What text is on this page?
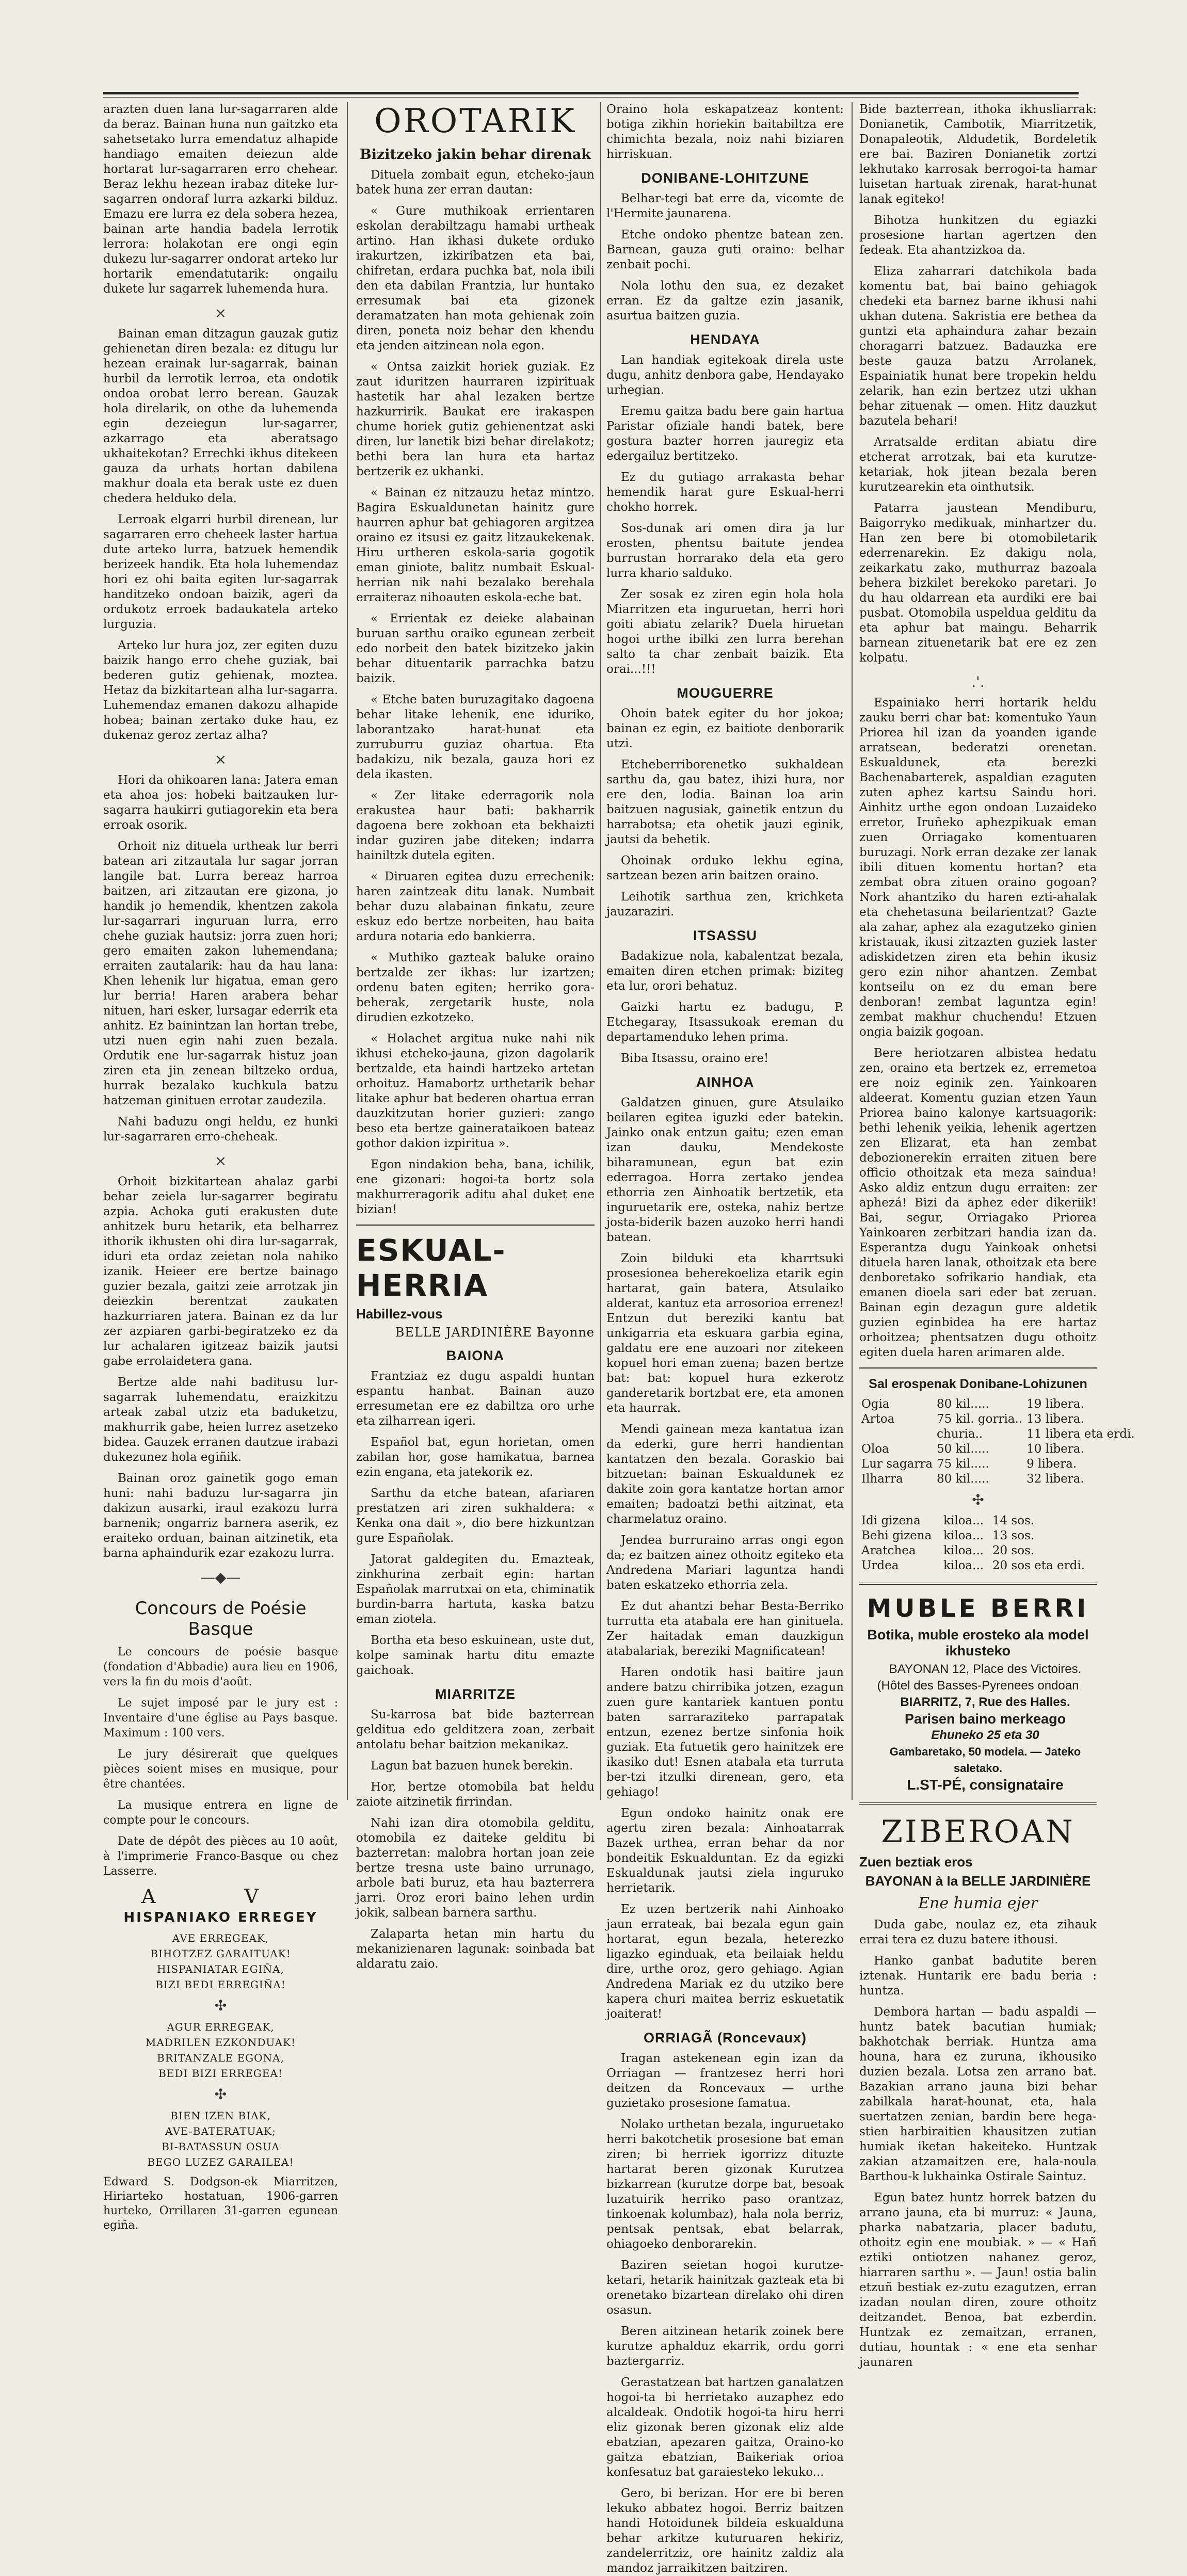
arazten duen lana lur-sagarraren alde da beraz. Bainan huna nun gaitzko eta sahetsetako lurra emendatuz alhapide handiago emaiten deiezun alde hortarat lur-sagarraren erro chehear. Beraz lekhu hezean irabaz diteke lur-sagarren ondoraf lurra azkarki bilduz. Emazu ere lurra ez dela sobera hezea, bainan arte handia badela lerrotik lerrora: holakotan ere ongi egin dukezu lur-sagarrer ondorat arteko lur hortarik emendatutarik: ongailu dukete lur sagarrek luhemenda hura.

×

Bainan eman ditzagun gauzak gutiz gehienetan diren bezala: ez ditugu lur hezean erainak lur-sagarrak, bainan hurbil da lerrotik lerroa, eta ondotik ondoa orobat lerro berean. Gauzak hola direlarik, on othe da luhemenda egin dezeiegun lur-sagarrer, azkarrago eta aberatsago ukhaitekotan? Errechki ikhus ditekeen gauza da urhats hortan dabilena makhur doala eta berak uste ez duen chedera helduko dela.

Lerroak elgarri hurbil direnean, lur sagarraren erro cheheek laster hartua dute arteko lurra, batzuek hemendik berizeek handik. Eta hola luhemendaz hori ez ohi baita egiten lur-sagarrak handitzeko ondoan baizik, ageri da ordukotz erroek badaukatela arteko lurguzia.

Arteko lur hura joz, zer egiten duzu baizik hango erro chehe guziak, bai bederen gutiz gehienak, moztea. Hetaz da bizkitartean alha lur-sagarra. Luhemendaz emanen dakozu alhapide hobea; bainan zertako duke hau, ez dukenaz geroz zertaz alha?

×

Hori da ohikoaren lana: Jatera eman eta ahoa jos: hobeki baitzauken lur-sagarra haukirri gutiagorekin eta bera erroak osorik.

Orhoit niz dituela urtheak lur berri batean ari zitzautala lur sagar jorran langile bat. Lurra bereaz harroa baitzen, ari zitzautan ere gizona, jo handik jo hemendik, khentzen zakola lur-sagarrari inguruan lurra, erro chehe guziak hautsiz: jorra zuen hori; gero emaiten zakon luhemendana; erraiten zautalarik: hau da hau lana: Khen lehenik lur higatua, eman gero lur berria! Haren arabera behar nituen, hari esker, lursagar ederrik eta anhitz. Ez bainintzan lan hortan trebe, utzi nuen egin nahi zuen bezala. Ordutik ene lur-sagarrak histuz joan ziren eta jin zenean biltzeko ordua, hurrak bezalako kuchkula batzu hatzeman ginituen errotar zaudezila.

Nahi baduzu ongi heldu, ez hunki lur-sagarraren erro-cheheak.

×

Orhoit bizkitartean ahalaz garbi behar zeiela lur-sagarrer begiratu azpia. Achoka guti erakusten dute anhitzek buru hetarik, eta belharrez ithorik ikhusten ohi dira lur-sagarrak, iduri eta ordaz zeietan nola nahiko izanik. Heieer ere bertze bainago guzier bezala, gaitzi zeie arrotzak jin deiezkin berentzat zaukaten hazkurriaren jatera. Bainan ez da lur zer azpiaren garbi-begiratzeko ez da lur achalaren igitzeaz baizik jautsi gabe errolaidetera gana.

Bertze alde nahi baditusu lur-sagarrak luhemendatu, eraizkitzu arteak zabal utziz eta baduketzu, makhurrik gabe, heien lurrez asetzeko bidea. Gauzek erranen dautzue irabazi dukezunez hola egiñik.

Bainan oroz gainetik gogo eman huni: nahi baduzu lur-sagarra jin dakizun ausarki, iraul ezakozu lurra barnenik; ongarriz barnera aserik, ez eraiteko orduan, bainan aitzinetik, eta barna aphaindurik ezar ezakozu lurra.

—◆—
Concours de Poésie Basque

Le concours de poésie basque (fondation d'Abbadie) aura lieu en 1906, vers la fin du mois d'août.

Le sujet imposé par le jury est : Inventaire d'une église au Pays basque. Maximum : 100 vers.

Le jury désirerait que quelques pièces soient mises en musique, pour être chantées.

La musique entrera en ligne de compte pour le concours.

Date de dépôt des pièces au 10 août, à l'imprimerie Franco-Basque ou chez Lasserre.

A V
HISPANIAKO ERREGEY

AVE ERREGEAK,

BIHOTZEZ GARAITUAK!

HISPANIATAR EGIÑA,

BIZI BEDI ERREGIÑA!

✣

AGUR ERREGEAK,

MADRILEN EZKONDUAK!

BRITANZALE EGONA,

BEDI BIZI ERREGEA!

✣

BIEN IZEN BIAK,

AVE-BATERATUAK;

BI-BATASSUN OSUA

BEGO LUZEZ GARAILEA!

Edward S. Dodgson-ek Miarritzen, Hiriarteko hostatuan, 1906-garren hurteko, Orrillaren 31-garren egunean egiña.

OROTARIK
Bizitzeko jakin behar direnak

Dituela zombait egun, etcheko-jaun batek huna zer erran dautan:

« Gure muthikoak errientaren eskolan derabiltzagu hamabi urtheak artino. Han ikhasi dukete orduko irakurtzen, izkiribatzen eta bai, chifretan, erdara puchka bat, nola ibili den eta dabilan Frantzia, lur huntako erresumak bai eta gizonek deramatzaten han mota gehienak zoin diren, poneta noiz behar den khendu eta jenden aitzinean nola egon.

« Ontsa zaizkit horiek guziak. Ez zaut iduritzen haurraren izpirituak hastetik har ahal lezaken bertze hazkurririk. Baukat ere irakaspen chume horiek gutiz gehienentzat aski diren, lur lanetik bizi behar direlakotz; bethi bera lan hura eta hartaz bertzerik ez ukhanki.

« Bainan ez nitzauzu hetaz mintzo. Bagira Eskualdunetan hainitz gure haurren aphur bat gehiagoren argitzea oraino ez itsusi ez gaitz litzaukekenak. Hiru urtheren eskola-saria gogotik eman giniote, balitz numbait Eskual-herrian nik nahi bezalako berehala erraiteraz nihoauten eskola-eche bat.

« Errientak ez deieke alabainan buruan sarthu oraiko egunean zerbeit edo norbeit den batek bizitzeko jakin behar dituentarik parrachka batzu baizik.

« Etche baten buruzagitako dagoena behar litake lehenik, ene iduriko, laborantzako harat-hunat eta zurruburru guziaz ohartua. Eta badakizu, nik bezala, gauza hori ez dela ikasten.

« Zer litake ederragorik nola erakustea haur bati: bakharrik dagoena bere zokhoan eta bekhaizti indar guziren jabe diteken; indarra hainiltzk dutela egiten.

« Diruaren egitea duzu errechenik: haren zaintzeak ditu lanak. Numbait behar duzu alabainan finkatu, zeure eskuz edo bertze norbeiten, hau baita ardura notaria edo bankierra.

« Muthiko gazteak baluke oraino bertzalde zer ikhas: lur izartzen; ordenu baten egiten; herriko gora-beherak, zergetarik huste, nola dirudien ezkotzeko.

« Holachet argitua nuke nahi nik ikhusi etcheko-jauna, gizon dagolarik bertzalde, eta haindi hartzeko artetan orhoituz. Hamabortz urthetarik behar litake aphur bat bederen ohartua erran dauzkitzutan horier guzieri: zango beso eta bertze gainerataikoen bateaz gothor dakion izpiritua ».

Egon nindakion beha, bana, ichilik, ene gizonari: hogoi-ta bortz sola makhurreragorik aditu ahal duket ene bizian!

ESKUAL-HERRIA
Habillez-vous
BELLE JARDINIÈRE Bayonne
BAIONA

Frantziaz ez dugu aspaldi huntan espantu hanbat. Bainan auzo erresumetan ere ez dabiltza oro urhe eta zilharrean igeri.

Español bat, egun horietan, omen zabilan hor, gose hamikatua, barnea ezin engana, eta jatekorik ez.

Sarthu da etche batean, afariaren prestatzen ari ziren sukhaldera: « Kenka ona dait », dio bere hizkuntzan gure Españolak.

Jatorat galdegiten du. Emazteak, zinkhurina zerbait egin: hartan Españolak marrutxai on eta, chiminatik burdin-barra hartuta, kaska batzu eman ziotela.

Bortha eta beso eskuinean, uste dut, kolpe saminak hartu ditu emazte gaichoak.

MIARRITZE

Su-karrosa bat bide bazterrean gelditua edo gelditzera zoan, zerbait antolatu behar baitzion mekanikaz.

Lagun bat bazuen hunek berekin.

Hor, bertze otomobila bat heldu zaiote aitzinetik firrindan.

Nahi izan dira otomobila gelditu, otomobila ez daiteke gelditu bi bazterretan: malobra hortan joan zeie bertze tresna uste baino urrunago, arbole bati buruz, eta hau bazterrera jarri. Oroz erori baino lehen urdin jokik, salbean barnera sarthu.

Zalaparta hetan min hartu du mekanizienaren lagunak: soinbada bat aldaratu zaio.

Oraino hola eskapatzeaz kontent: botiga zikhin horiekin baitabiltza ere chimichta bezala, noiz nahi biziaren hirriskuan.

DONIBANE-LOHITZUNE

Belhar-tegi bat erre da, vicomte de l'Hermite jaunarena.

Etche ondoko phentze batean zen. Barnean, gauza guti oraino: belhar zenbait pochi.

Nola lothu den sua, ez dezaket erran. Ez da galtze ezin jasanik, asurtua baitzen guzia.

HENDAYA

Lan handiak egitekoak direla uste dugu, anhitz denbora gabe, Hendayako urhegian.

Eremu gaitza badu bere gain hartua Paristar ofiziale handi batek, bere gostura bazter horren jauregiz eta edergailuz bertitzeko.

Ez du gutiago arrakasta behar hemendik harat gure Eskual-herri chokho horrek.

Sos-dunak ari omen dira ja lur erosten, phentsu baitute jendea burrustan horrarako dela eta gero lurra khario salduko.

Zer sosak ez ziren egin hola hola Miarritzen eta inguruetan, herri hori goiti abiatu zelarik? Duela hiruetan hogoi urthe ibilki zen lurra berehan salto ta char zenbait baizik. Eta orai...!!!

MOUGUERRE

Ohoin batek egiter du hor jokoa; bainan ez egin, ez baitiote denborarik utzi.

Etcheberriborenetko sukhaldean sarthu da, gau batez, ihizi hura, nor ere den, lodia. Bainan loa arin baitzuen nagusiak, gainetik entzun du harrabotsa; eta ohetik jauzi eginik, jautsi da behetik.

Ohoinak orduko lekhu egina, sartzean bezen arin baitzen oraino.

Leihotik sarthua zen, krichketa jauzaraziri.

ITSASSU

Badakizue nola, kabalentzat bezala, emaiten diren etchen primak: biziteg eta lur, orori behatuz.

Gaizki hartu ez badugu, P. Etchegaray, Itsassukoak ereman du departamenduko lehen prima.

Biba Itsassu, oraino ere!

AINHOA

Galdatzen ginuen, gure Atsulaiko beilaren egitea iguzki eder batekin. Jainko onak entzun gaitu; ezen eman izan dauku, Mendekoste biharamunean, egun bat ezin ederragoa. Horra zertako jendea ethorria zen Ainhoatik bertzetik, eta inguruetarik ere, osteka, nahiz bertze josta-biderik bazen auzoko herri handi batean.

Zoin bilduki eta kharrtsuki prosesionea beherekoeliza etarik egin hartarat, gain batera, Atsulaiko alderat, kantuz eta arrosorioa errenez! Entzun dut bereziki kantu bat unkigarria eta eskuara garbia egina, galdatu ere ene auzoari nor zitekeen kopuel hori eman zuena; bazen bertze bat: bat: kopuel hura ezkerotz ganderetarik bortzbat ere, eta amonen eta haurrak.

Mendi gainean meza kantatua izan da ederki, gure herri handientan kantatzen den bezala. Goraskio bai bitzuetan: bainan Eskualdunek ez dakite zoin gora kantatze hortan amor emaiten; badoatzi bethi aitzinat, eta charmelatuz oraino.

Jendea burruraino arras ongi egon da; ez baitzen ainez othoitz egiteko eta Andredena Mariari laguntza handi baten eskatzeko ethorria zela.

Ez dut ahantzi behar Besta-Berriko turrutta eta atabala ere han ginituela. Zer haitadak eman dauzkigun atabalariak, bereziki Magnificatean!

Haren ondotik hasi baitire jaun andere batzu chirribika jotzen, ezagun zuen gure kantariek kantuen pontu baten sarraraziteko parrapatak entzun, ezenez bertze sinfonia hoik guziak. Eta futuetik gero hainitzek ere ikasiko dut! Esnen atabala eta turruta ber-tzi itzulki direnean, gero, eta gehiago!

Egun ondoko hainitz onak ere agertu ziren bezala: Ainhoatarrak Bazek urthea, erran behar da nor bondeitik Eskualduntan. Ez da egizki Eskualdunak jautsi ziela inguruko herrietarik.

Ez uzen bertzerik nahi Ainhoako jaun errateak, bai bezala egun gain hortarat, egun bezala, heterezko ligazko eginduak, eta beilaiak heldu dire, urthe oroz, gero gehiago. Agian Andredena Mariak ez du utziko bere kapera churi maitea berriz eskuetatik joaiterat!

ORRIAGÃ (Roncevaux)

Iragan astekenean egin izan da Orriagan — frantzesez herri hori deitzen da Roncevaux — urthe guzietako prosesione famatua.

Nolako urthetan bezala, inguruetako herri bakotchetik prosesione bat eman ziren; bi herriek igorrizz dituzte hartarat beren gizonak Kurutzea bizkarrean (kurutze dorpe bat, besoak luzatuirik herriko paso orantzaz, tinkoenak kolumbaz), hala nola berriz, pentsak pentsak, ebat belarrak, ohiagoeko denborarekin.

Baziren seietan hogoi kurutze-ketari, hetarik hainitzak gazteak eta bi orenetako bizartean direlako ohi diren osasun.

Beren aitzinean hetarik zoinek bere kurutze aphalduz ekarrik, ordu gorri baztergarriz.

Gerastatzean bat hartzen ganalatzen hogoi-ta bi herrietako auzaphez edo alcaldeak. Ondotik hogoi-ta hiru herri eliz gizonak beren gizonak eliz alde ebatzian, apezaren gaitza, Oraino-ko gaitza ebatzian, Baikeriak orioa konfesatuz bat garaiesteko lekuko...

Gero, bi berizan. Hor ere bi beren lekuko abbatez hogoi. Berriz baitzen handi Hotoidunek bildeia eskualduna behar arkitze kuturuaren hekiriz, zandelerritziz, ore hainitz zaldiz ala mandoz jarraikitzen baitziren.

Bide bazterrean, ithoka ikhusliarrak: Donianetik, Cambotik, Miarritzetik, Donapaleotik, Aldudetik, Bordeletik ere bai. Baziren Donianetik zortzi lekhutako karrosak berrogoi-ta hamar luisetan hartuak zirenak, harat-hunat lanak egiteko!

Bihotza hunkitzen du egiazki prosesione hartan agertzen den fedeak. Eta ahantzizkoa da.

Eliza zaharrari datchikola bada komentu bat, bai baino gehiagok chedeki eta barnez barne ikhusi nahi ukhan dutena. Sakristia ere bethea da guntzi eta aphaindura zahar bezain choragarri batzuez. Badauzka ere beste gauza batzu Arrolanek, Espainiatik hunat bere tropekin heldu zelarik, han ezin bertzez utzi ukhan behar zituenak — omen. Hitz dauzkut bazutela behari!

Arratsalde erditan abiatu dire etcherat arrotzak, bai eta kurutze-ketariak, hok jitean bezala beren kurutzearekin eta ointhutsik.

Patarra jaustean Mendiburu, Baigorryko medikuak, minhartzer du. Han zen bere bi otomobiletarik ederrenarekin. Ez dakigu nola, zeikarkatu zako, muthurraz bazoala behera bizkilet berekoko paretari. Jo du hau oldarrean eta aurdiki ere bai pusbat. Otomobila uspeldua gelditu da eta aphur bat maingu. Beharrik barnean zituenetarik bat ere ez zen kolpatu.

.'.

Espainiako herri hortarik heldu zauku berri char bat: komentuko Yaun Priorea hil izan da yoanden igande arratsean, bederatzi orenetan. Eskualdunek, eta berezki Bachenabarterek, aspaldian ezaguten zuten aphez kartsu Saindu hori. Ainhitz urthe egon ondoan Luzaideko erretor, Iruñeko aphezpikuak eman zuen Orriagako komentuaren buruzagi. Nork erran dezake zer lanak ibili dituen komentu hortan? eta zembat obra zituen oraino gogoan? Nork ahantziko du haren ezti-ahalak eta chehetasuna beilarientzat? Gazte ala zahar, aphez ala ezagutzeko ginien kristauak, ikusi zitzazten guziek laster adiskidetzen ziren eta behin ikusiz gero ezin nihor ahantzen. Zembat kontseilu on ez du eman bere denboran! zembat laguntza egin! zembat makhur chuchendu! Etzuen ongia baizik gogoan.

Bere heriotzaren albistea hedatu zen, oraino eta bertzek ez, erremetoa ere noiz eginik zen. Yainkoaren aldeerat. Komentu guzian etzen Yaun Priorea baino kalonye kartsuagorik: bethi lehenik yeikia, lehenik agertzen zen Elizarat, eta han zembat debozionerekin erraiten zituen bere officio othoitzak eta meza saindua! Asko aldiz entzun dugu erraiten: zer aphezá! Bizi da aphez eder dikeriik! Bai, segur, Orriagako Priorea Yainkoaren zerbitzari handia izan da. Esperantza dugu Yainkoak onhetsi dituela haren lanak, othoitzak eta bere denboretako sofrikario handiak, eta emanen dioela sari eder bat zeruan. Bainan egin dezagun gure aldetik guzien eginbidea ha ere hartaz orhoitzea; phentsatzen dugu othoitz egiten duela haren arimaren alde.

Sal erospenak Donibane-Lohizunen
Ogia	80 kil.....	19 libera.
Artoa	75 kil. gorria..	13 libera.
	churia..	11 libera eta erdi.
Oloa	50 kil.....	10 libera.
Lur sagarra	75 kil.....	9 libera.
Ilharra	80 kil.....	32 libera.
✣
Idi gizena	kiloa...	14 sos.
Behi gizena	kiloa...	13 sos.
Aratchea	kiloa...	20 sos.
Urdea	kiloa...	20 sos eta erdi.
MUBLE BERRI
Botika, muble erosteko ala model ikhusteko

BAYONAN 12, Place des Victoires. (Hôtel des Basses-Pyrenees ondoan

BIARRITZ, 7, Rue des Halles.

Parisen baino merkeago

Ehuneko 25 eta 30

Gambaretako, 50 modela. — Jateko saletako.

L.ST-PÉ, consignataire

ZIBEROAN
Zuen beztiak eros
BAYONAN à la BELLE JARDINIÈRE
Ene humia ejer

Duda gabe, noulaz ez, eta zihauk errai tera ez duzu batere ithousi.

Hanko ganbat badutite beren iztenak. Huntarik ere badu beria : huntza.

Dembora hartan — badu aspaldi — huntz batek bacutian humiak; bakhotchak berriak. Huntza ama houna, hara ez zuruna, ikhousiko duzien bezala. Lotsa zen arrano bat. Bazakian arrano jauna bizi behar zabilkala harat-hounat, eta, hala suertatzen zenian, bardin bere hega-stien harbiraitien khausitzen zutian humiak iketan hakeiteko. Huntzak zakian atzamaitzen ere, hala-noula Barthou-k lukhainka Ostirale Saintuz.

Egun batez huntz horrek batzen du arrano jauna, eta bi murruz: « Jauna, pharka nabatzaria, placer badutu, othoitz egin ene moubiak. » — « Hañ eztiki ontiotzen nahanez geroz, hiarraren sarthu ». — Jaun! ostia balin etzuñ bestiak ez-zutu ezagutzen, erran izadan noulan diren, zoure othoitz deitzandet. Benoa, bat ezberdin. Huntzak ez zemaitzan, erranen, dutiau, hountak : « ene eta senhar jaunaren
